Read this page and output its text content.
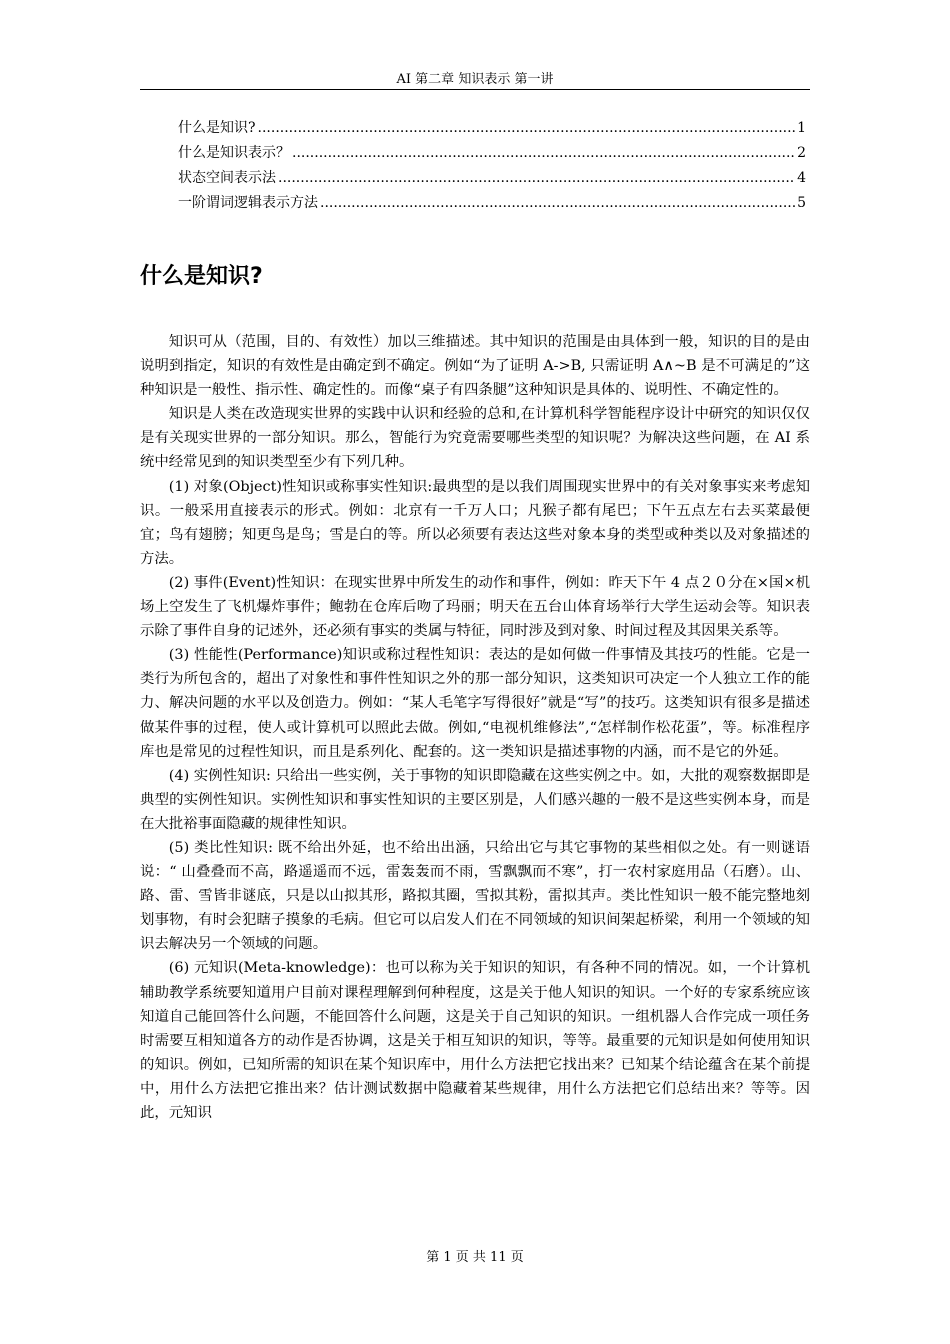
AI 第二章 知识表示 第一讲
什么是知识? .....	1
什么是知识表示？ .....	2
状态空间表示法 .....	4
一阶谓词逻辑表示方法 .....	5
什么是知识?

知识可从（范围，目的、有效性）加以三维描述。其中知识的范围是由具体到一般，知识的目的是由说明到指定，知识的有效性是由确定到不确定。例如“为了证明 A->B, 只需证明 A∧~B 是不可满足的”这种知识是一般性、指示性、确定性的。而像“桌子有四条腿”这种知识是具体的、说明性、不确定性的。

知识是人类在改造现实世界的实践中认识和经验的总和,在计算机科学智能程序设计中研究的知识仅仅是有关现实世界的一部分知识。那么，智能行为究竟需要哪些类型的知识呢？为解决这些问题，在 AI 系统中经常见到的知识类型至少有下列几种。

(1) 对象(Object)性知识或称事实性知识:最典型的是以我们周围现实世界中的有关对象事实来考虑知识。一般采用直接表示的形式。例如：北京有一千万人口；凡猴子都有尾巴；下午五点左右去买菜最便宜；鸟有翅膀；知更鸟是鸟；雪是白的等。所以必须要有表达这些对象本身的类型或种类以及对象描述的方法。

(2) 事件(Event)性知识：在现实世界中所发生的动作和事件，例如：昨天下午 4 点２０分在×国×机场上空发生了飞机爆炸事件；鲍勃在仓库后吻了玛丽；明天在五台山体育场举行大学生运动会等。知识表示除了事件自身的记述外，还必须有事实的类属与特征，同时涉及到对象、时间过程及其因果关系等。

(3) 性能性(Performance)知识或称过程性知识：表达的是如何做一件事情及其技巧的性能。它是一类行为所包含的，超出了对象性和事件性知识之外的那一部分知识，这类知识可决定一个人独立工作的能力、解决问题的水平以及创造力。例如：“某人毛笔字写得很好”就是“写”的技巧。这类知识有很多是描述做某件事的过程，使人或计算机可以照此去做。例如,“电视机维修法”,“怎样制作松花蛋”，等。标准程序库也是常见的过程性知识，而且是系列化、配套的。这一类知识是描述事物的内涵，而不是它的外延。

(4) 实例性知识: 只给出一些实例，关于事物的知识即隐藏在这些实例之中。如，大批的观察数据即是典型的实例性知识。实例性知识和事实性知识的主要区别是，人们感兴趣的一般不是这些实例本身，而是在大批裕事面隐藏的规律性知识。

(5) 类比性知识: 既不给出外延，也不给出出涵，只给出它与其它事物的某些相似之处。有一则谜语说：“ 山叠叠而不高，路遥遥而不远，雷轰轰而不雨，雪飘飘而不寒”，打一农村家庭用品（石磨）。山、路、雷、雪皆非谜底，只是以山拟其形，路拟其圈，雪拟其粉，雷拟其声。类比性知识一般不能完整地刻划事物，有时会犯瞎子摸象的毛病。但它可以启发人们在不同领域的知识间架起桥梁，利用一个领域的知识去解决另一个领域的问题。

(6) 元知识(Meta-knowledge)：也可以称为关于知识的知识，有各种不同的情况。如，一个计算机辅助教学系统要知道用户目前对课程理解到何种程度，这是关于他人知识的知识。一个好的专家系统应该知道自己能回答什么问题，不能回答什么问题，这是关于自己知识的知识。一组机器人合作完成一项任务时需要互相知道各方的动作是否协调，这是关于相互知识的知识，等等。最重要的元知识是如何使用知识的知识。例如，已知所需的知识在某个知识库中，用什么方法把它找出来？已知某个结论蕴含在某个前提中，用什么方法把它推出来？估计测试数据中隐藏着某些规律，用什么方法把它们总结出来？等等。因此，元知识

第 1 页 共 11 页
